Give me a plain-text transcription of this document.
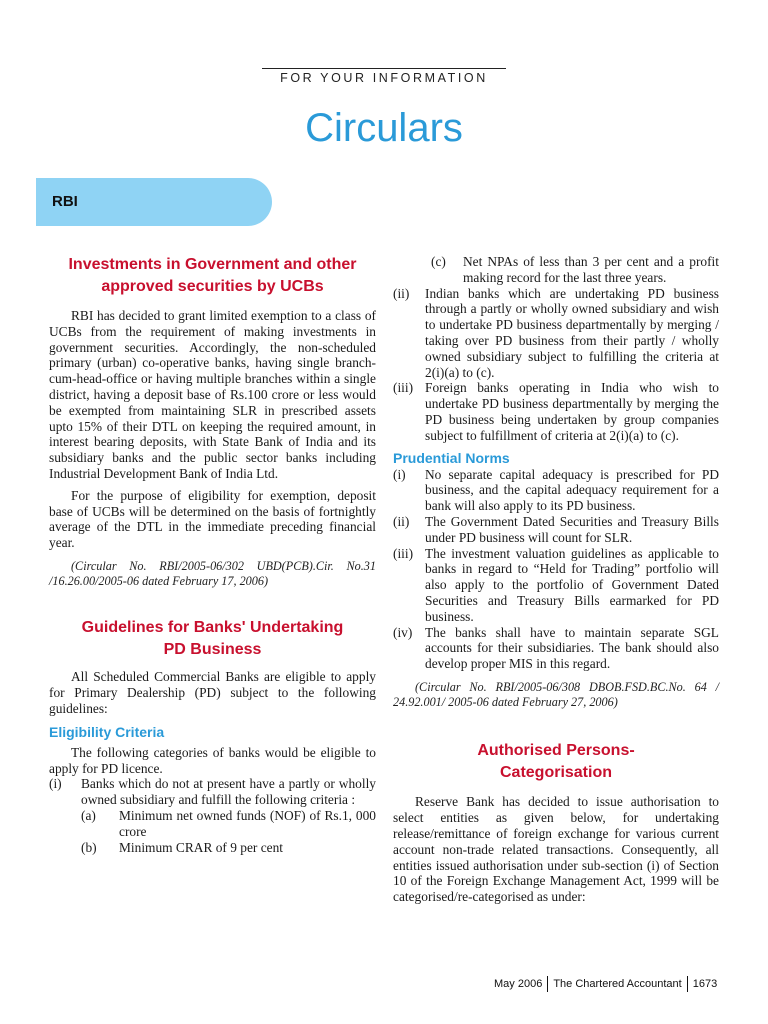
FOR YOUR INFORMATION
Circulars
RBI
Investments in Government and other approved securities by UCBs

RBI has decided to grant limited exemption to a class of UCBs from the requirement of making investments in government securities. Accordingly, the non-scheduled primary (urban) co-operative banks, having single branch-cum-head-office or having multiple branches within a single district, having a deposit base of Rs.100 crore or less would be exempted from maintaining SLR in prescribed assets upto 15% of their DTL on keeping the required amount, in interest bearing deposits, with State Bank of India and its subsidiary banks and the public sector banks including Industrial Development Bank of India Ltd.

For the purpose of eligibility for exemption, deposit base of UCBs will be determined on the basis of fortnightly average of the DTL in the immediate preceding financial year.

(Circular No. RBI/2005-06/302 UBD(PCB).Cir. No.31 /16.26.00/2005-06 dated February 17, 2006)

Guidelines for Banks' Undertaking PD Business

All Scheduled Commercial Banks are eligible to apply for Primary Dealership (PD) subject to the following guidelines:

Eligibility Criteria

The following categories of banks would be eligible to apply for PD licence.

(i)	Banks which do not at present have a partly or wholly owned subsidiary and fulfill the following criteria :
(a)	Minimum net owned funds (NOF) of Rs.1, 000 crore
(b)	Minimum CRAR of 9 per cent
(c)	Net NPAs of less than 3 per cent and a profit making record for the last three years.
(ii)	Indian banks which are undertaking PD business through a partly or wholly owned subsidiary and wish to undertake PD business departmentally by merging / taking over PD business from their partly / wholly owned subsidiary subject to fulfilling the criteria at 2(i)(a) to (c).
(iii) Foreign banks operating in India who wish to undertake PD business departmentally by merging the PD business being undertaken by group companies subject to fulfillment of criteria at 2(i)(a) to (c).
Prudential Norms
(i)	No separate capital adequacy is prescribed for PD business, and the capital adequacy requirement for a bank will also apply to its PD business.
(ii)	The Government Dated Securities and Treasury Bills under PD business will count for SLR.
(iii) The investment valuation guidelines as applicable to banks in regard to “Held for Trading” portfolio will also apply to the portfolio of Government Dated Securities and Treasury Bills earmarked for PD business.
(iv) The banks shall have to maintain separate SGL accounts for their subsidiaries. The bank should also develop proper MIS in this regard.

(Circular No. RBI/2005-06/308 DBOB.FSD.BC.No. 64 / 24.92.001/ 2005-06 dated February 27, 2006)

Authorised Persons-Categorisation

Reserve Bank has decided to issue authorisation to select entities as given below, for undertaking release/remittance of foreign exchange for various current account non-trade related transactions. Consequently, all entities issued authorisation under sub-section (i) of Section 10 of the Foreign Exchange Management Act, 1999 will be categorised/re-categorised as under:

May 2006	The Chartered Accountant	1673
